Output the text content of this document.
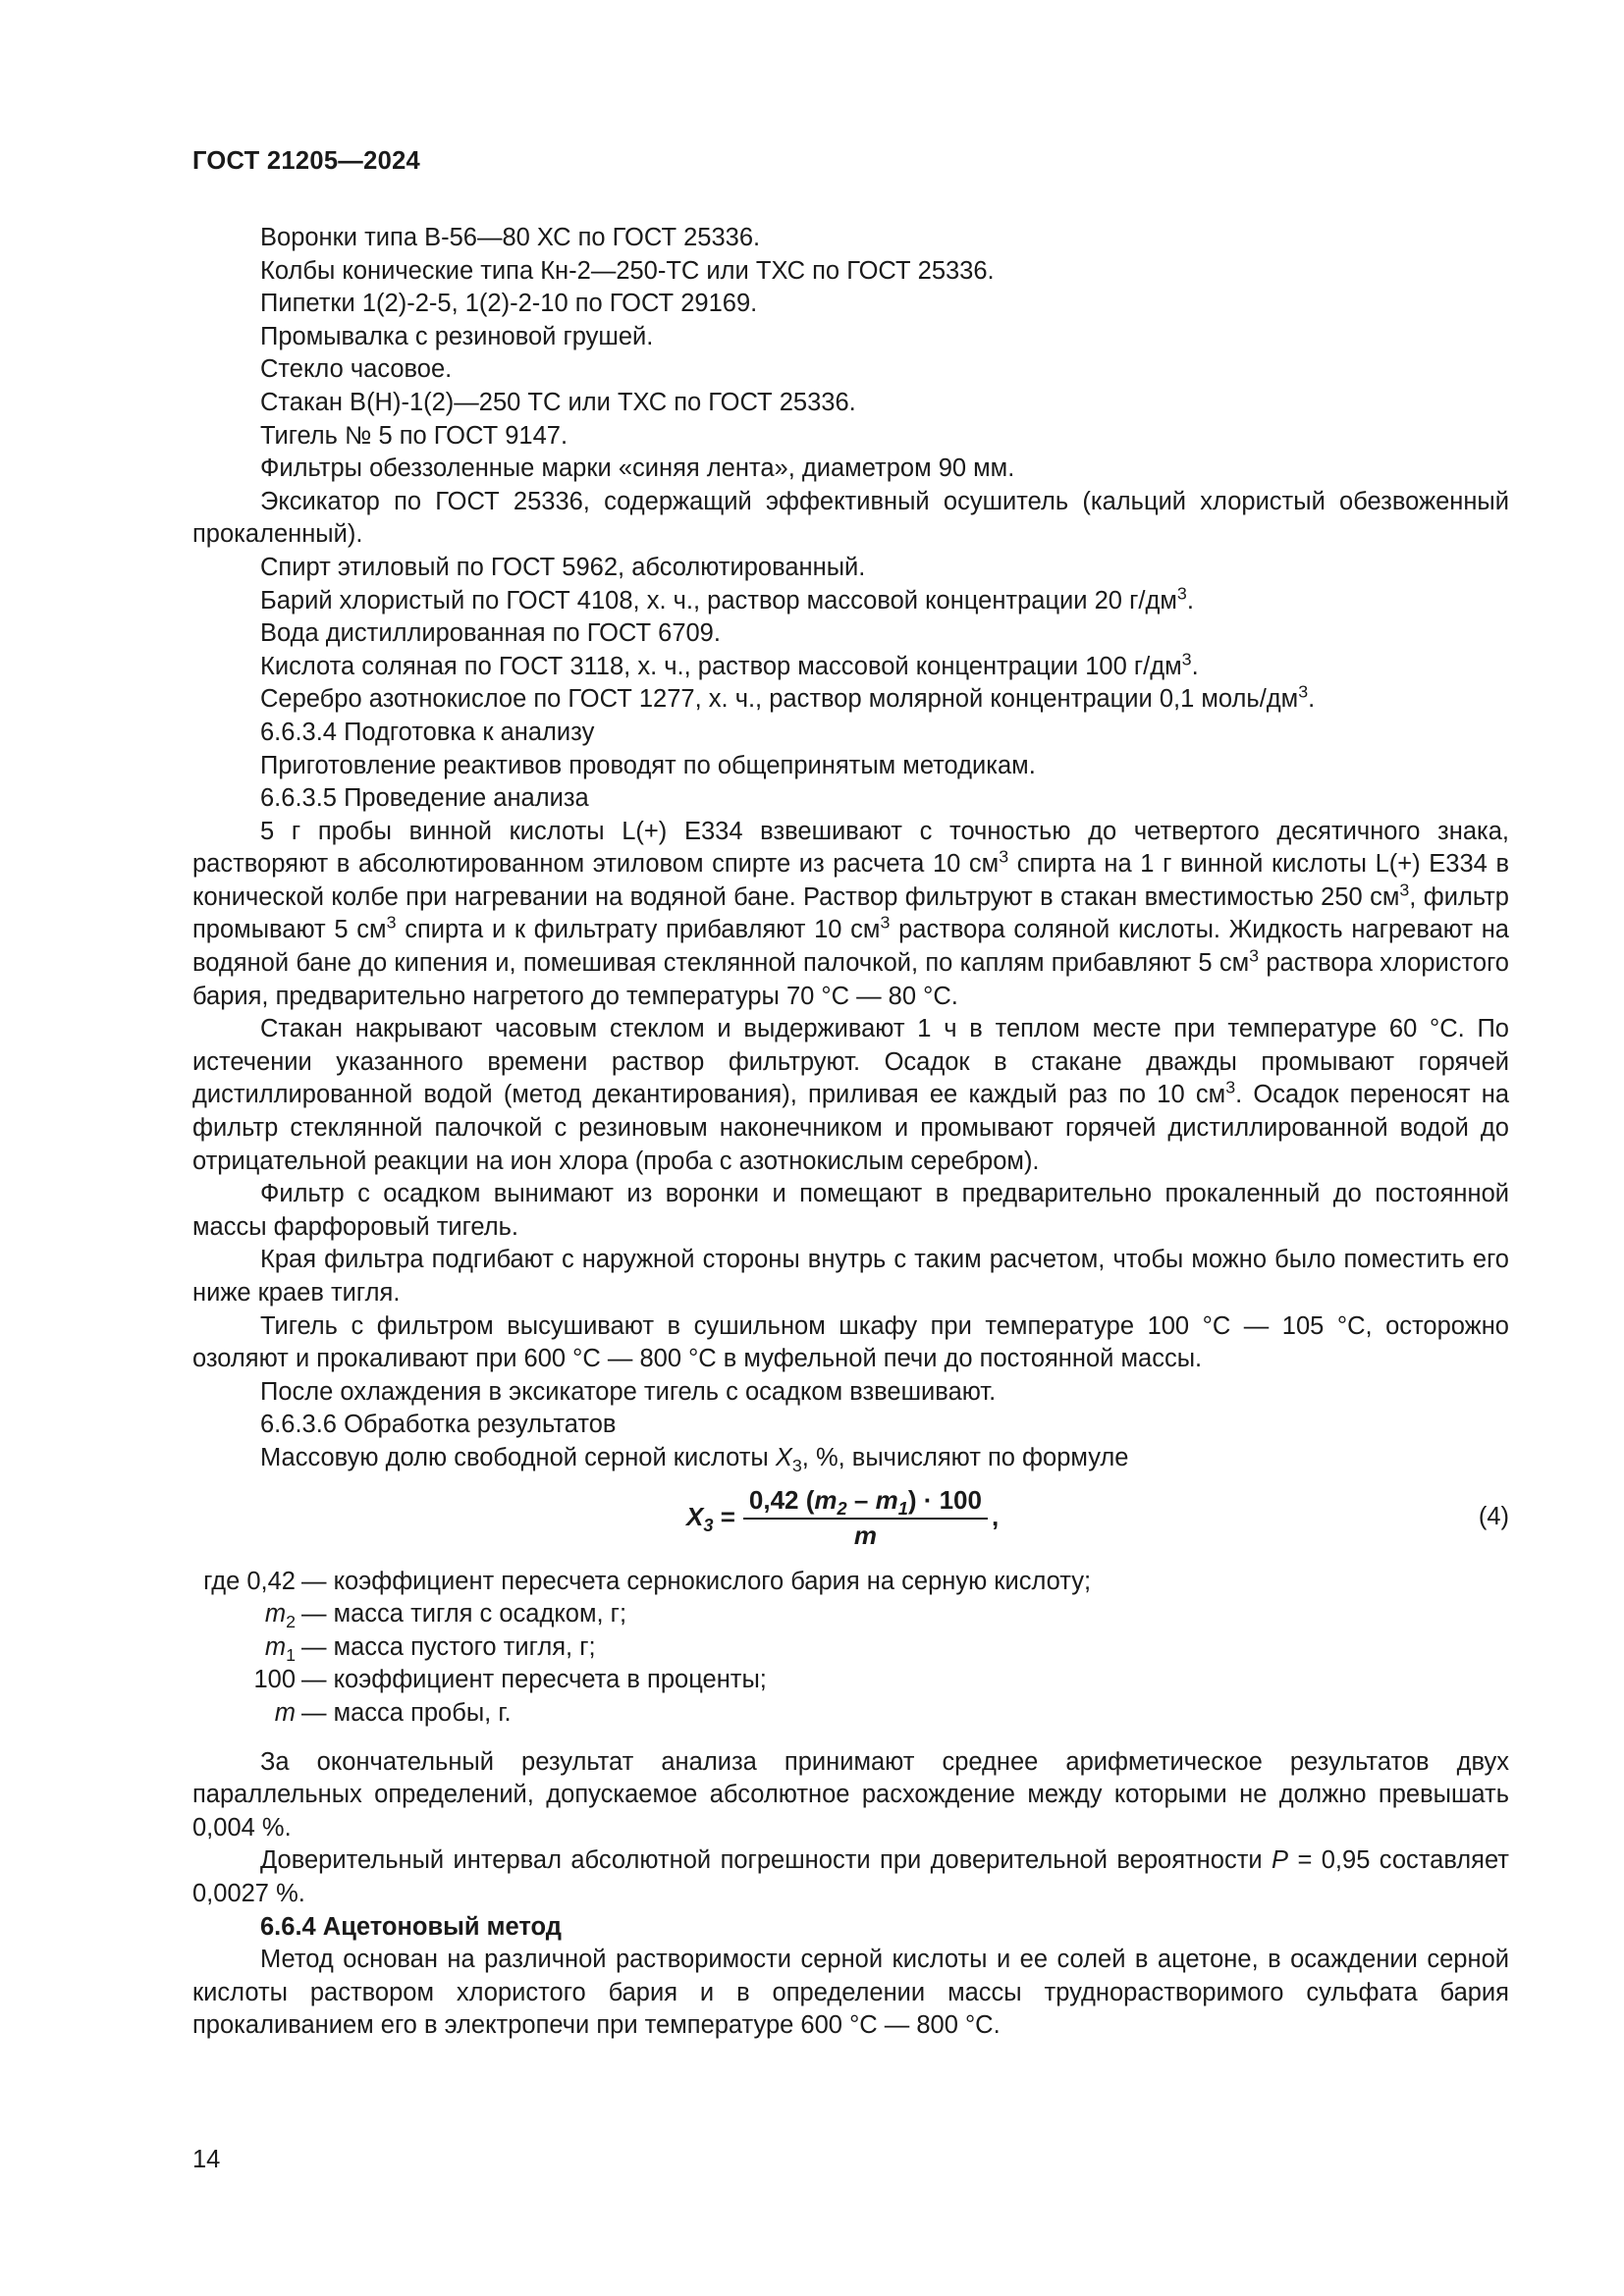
ГОСТ 21205—2024

Воронки типа В-56—80 ХС по ГОСТ 25336.

Колбы конические типа Кн-2—250-ТС или ТХС по ГОСТ 25336.

Пипетки 1(2)-2-5, 1(2)-2-10 по ГОСТ 29169.

Промывалка с резиновой грушей.

Стекло часовое.

Стакан В(Н)-1(2)—250 ТС или ТХС по ГОСТ 25336.

Тигель № 5 по ГОСТ 9147.

Фильтры обеззоленные марки «синяя лента», диаметром 90 мм.

Эксикатор по ГОСТ 25336, содержащий эффективный осушитель (кальций хлористый обезвоженный прокаленный).

Спирт этиловый по ГОСТ 5962, абсолютированный.

Барий хлористый по ГОСТ 4108, х. ч., раствор массовой концентрации 20 $г/дм^3$.

Вода дистиллированная по ГОСТ 6709.

Кислота соляная по ГОСТ 3118, х. ч., раствор массовой концентрации 100 $г/дм^3$.

Серебро азотнокислое по ГОСТ 1277, х. ч., раствор молярной концентрации 0,1 моль/$дм^3$.

6.6.3.4 Подготовка к анализу

Приготовление реактивов проводят по общепринятым методикам.

6.6.3.5 Проведение анализа

5 г пробы винной кислоты L(+) Е334 взвешивают с точностью до четвертого десятичного знака, растворяют в абсолютированном этиловом спирте из расчета 10 $см^3$ спирта на 1 г винной кислоты L(+) Е334 в конической колбе при нагревании на водяной бане. Раствор фильтруют в стакан вместимостью 250 $см^3$, фильтр промывают 5 $см^3$ спирта и к фильтрату прибавляют 10 $см^3$ раствора соляной кислоты. Жидкость нагревают на водяной бане до кипения и, помешивая стеклянной палочкой, по каплям прибавляют 5 $см^3$ раствора хлористого бария, предварительно нагретого до температуры 70 °С — 80 °С.

Стакан накрывают часовым стеклом и выдерживают 1 ч в теплом месте при температуре 60 °С. По истечении указанного времени раствор фильтруют. Осадок в стакане дважды промывают горячей дистиллированной водой (метод декантирования), приливая ее каждый раз по 10 $см^3$. Осадок переносят на фильтр стеклянной палочкой с резиновым наконечником и промывают горячей дистиллированной водой до отрицательной реакции на ион хлора (проба с азотнокислым серебром).

Фильтр с осадком вынимают из воронки и помещают в предварительно прокаленный до постоянной массы фарфоровый тигель.

Края фильтра подгибают с наружной стороны внутрь с таким расчетом, чтобы можно было поместить его ниже краев тигля.

Тигель с фильтром высушивают в сушильном шкафу при температуре 100 °С — 105 °С, осторожно озоляют и прокаливают при 600 °С — 800 °С в муфельной печи до постоянной массы.

После охлаждения в эксикаторе тигель с осадком взвешивают.

6.6.3.6 Обработка результатов

Массовую долю свободной серной кислоты $X_3$, %, вычисляют по формуле

$X_3 = \frac{0,42 (m_2 - m_1) \cdot 100}{m}$ ,	(4)
где 0,42 — коэффициент пересчета сернокислого бария на серную кислоту;
$m_2$ — масса тигля с осадком, г;
$m_1$ — масса пустого тигля, г;
100 — коэффициент пересчета в проценты;
m — масса пробы, г.

За окончательный результат анализа принимают среднее арифметическое результатов двух параллельных определений, допускаемое абсолютное расхождение между которыми не должно превышать 0,004 %.

Доверительный интервал абсолютной погрешности при доверительной вероятности P = 0,95 составляет 0,0027 %.

6.6.4 Ацетоновый метод

Метод основан на различной растворимости серной кислоты и ее солей в ацетоне, в осаждении серной кислоты раствором хлористого бария и в определении массы труднорастворимого сульфата бария прокаливанием его в электропечи при температуре 600 °С — 800 °С.

14
